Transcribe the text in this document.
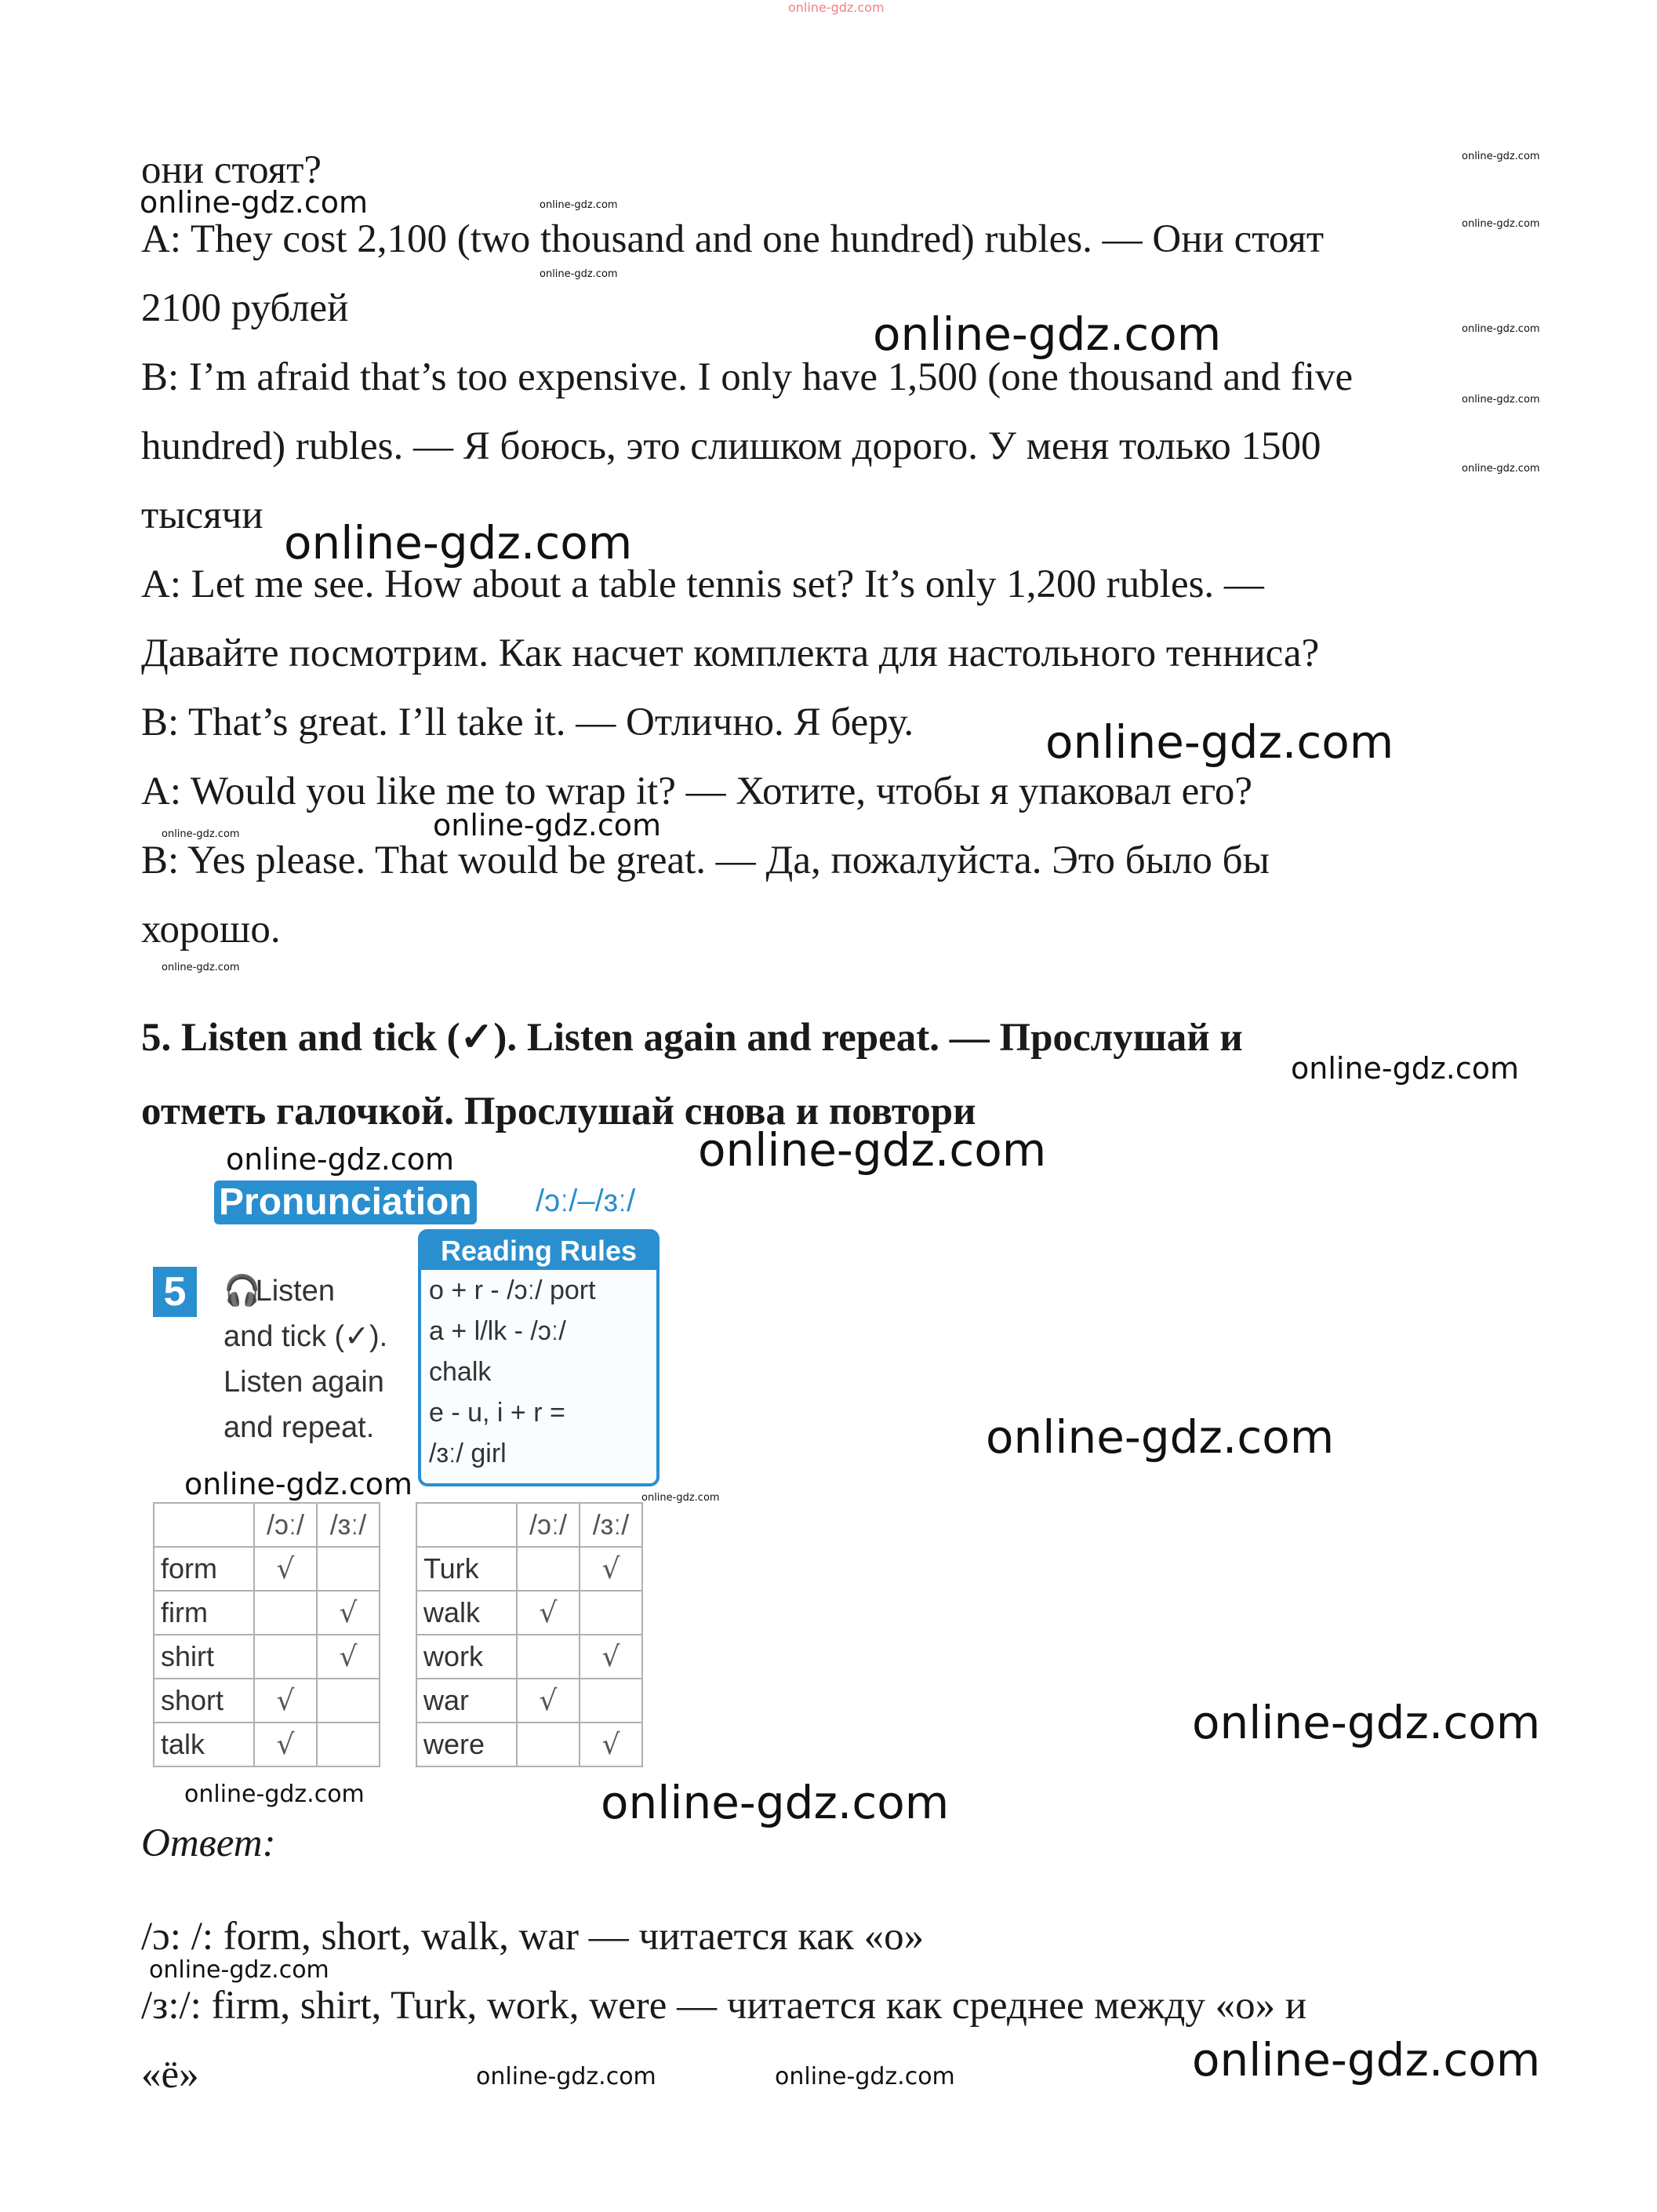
online-gdz.com
они стоят?
A: They cost 2,100 (two thousand and one hundred) rubles. — Они стоят
2100 рублей
B: I’m afraid that’s too expensive. I only have 1,500 (one thousand and five
hundred) rubles. — Я боюсь, это слишком дорого. У меня только 1500
тысячи
A: Let me see. How about a table tennis set? It’s only 1,200 rubles. —
Давайте посмотрим. Как насчет комплекта для настольного тенниса?
B: That’s great. I’ll take it. — Отлично. Я беру.
A: Would you like me to wrap it? — Хотите, чтобы я упаковал его?
B: Yes please. That would be great. — Да, пожалуйста. Это было бы
хорошо.
5. Listen and tick (✓). Listen again and repeat. — Прослушай и
отметь галочкой. Прослушай снова и повтори
Pronunciation /ɔː/–/ɜː/
5	🎧 Listen
and tick (✓).
Listen again
and repeat.
Reading Rules
o + r - /ɔː/ port
a + l/lk - /ɔː/
chalk
e - u, i + r =
/ɜː/ girl
	/ɔː/	/ɜː/
form	√	
firm		√
shirt		√
short	√	
talk	√	
	/ɔː/	/ɜː/
Turk		√
walk	√	
work		√
war	√	
were		√
Ответ:
/ɔ: /: form, short, walk, war — читается как «о»
/з:/: firm, shirt, Turk, work, were — читается как среднее между «о» и
«ё»
online-gdz.com	online-gdz.com
online-gdz.com
online-gdz.com
online-gdz.com
online-gdz.com
online-gdz.com
online-gdz.com
online-gdz.com
online-gdz.com
online-gdz.com
online-gdz.com
online-gdz.com
online-gdz.com
online-gdz.com
online-gdz.com	online-gdz.com
online-gdz.com
online-gdz.com	online-gdz.com
online-gdz.com
online-gdz.com	online-gdz.com
online-gdz.com
online-gdz.com
online-gdz.com	online-gdz.com
